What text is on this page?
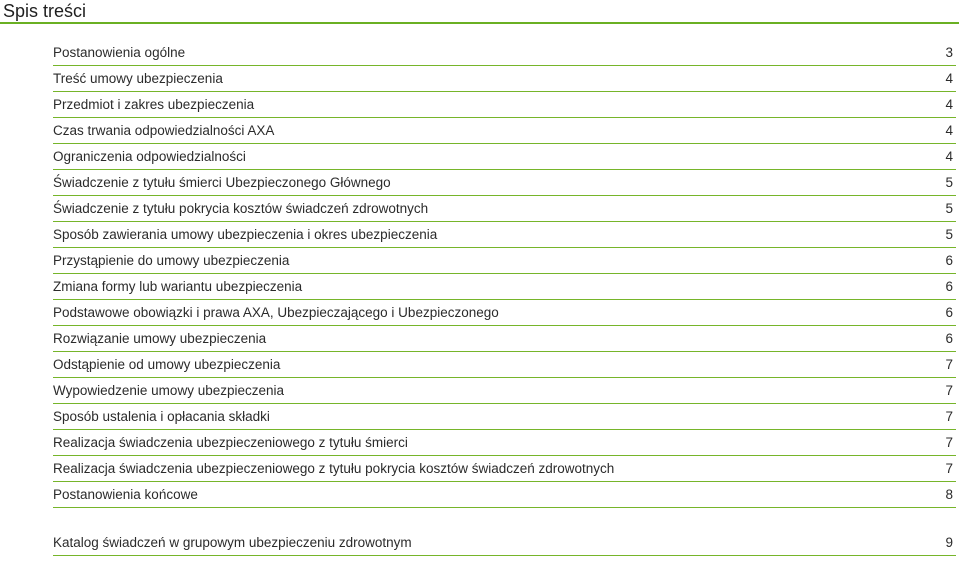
Spis treści
Postanowienia ogólne	3
Treść umowy ubezpieczenia	4
Przedmiot i zakres ubezpieczenia	4
Czas trwania odpowiedzialności AXA	4
Ograniczenia odpowiedzialności	4
Świadczenie z tytułu śmierci Ubezpieczonego Głównego	5
Świadczenie z tytułu pokrycia kosztów świadczeń zdrowotnych	5
Sposób zawierania umowy ubezpieczenia i okres ubezpieczenia	5
Przystąpienie do umowy ubezpieczenia	6
Zmiana formy lub wariantu ubezpieczenia	6
Podstawowe obowiązki i prawa AXA, Ubezpieczającego i Ubezpieczonego	6
Rozwiązanie umowy ubezpieczenia	6
Odstąpienie od umowy ubezpieczenia	7
Wypowiedzenie umowy ubezpieczenia	7
Sposób ustalenia i opłacania składki	7
Realizacja świadczenia ubezpieczeniowego z tytułu śmierci	7
Realizacja świadczenia ubezpieczeniowego z tytułu pokrycia kosztów świadczeń zdrowotnych	7
Postanowienia końcowe	8
Katalog świadczeń w grupowym ubezpieczeniu zdrowotnym	9
